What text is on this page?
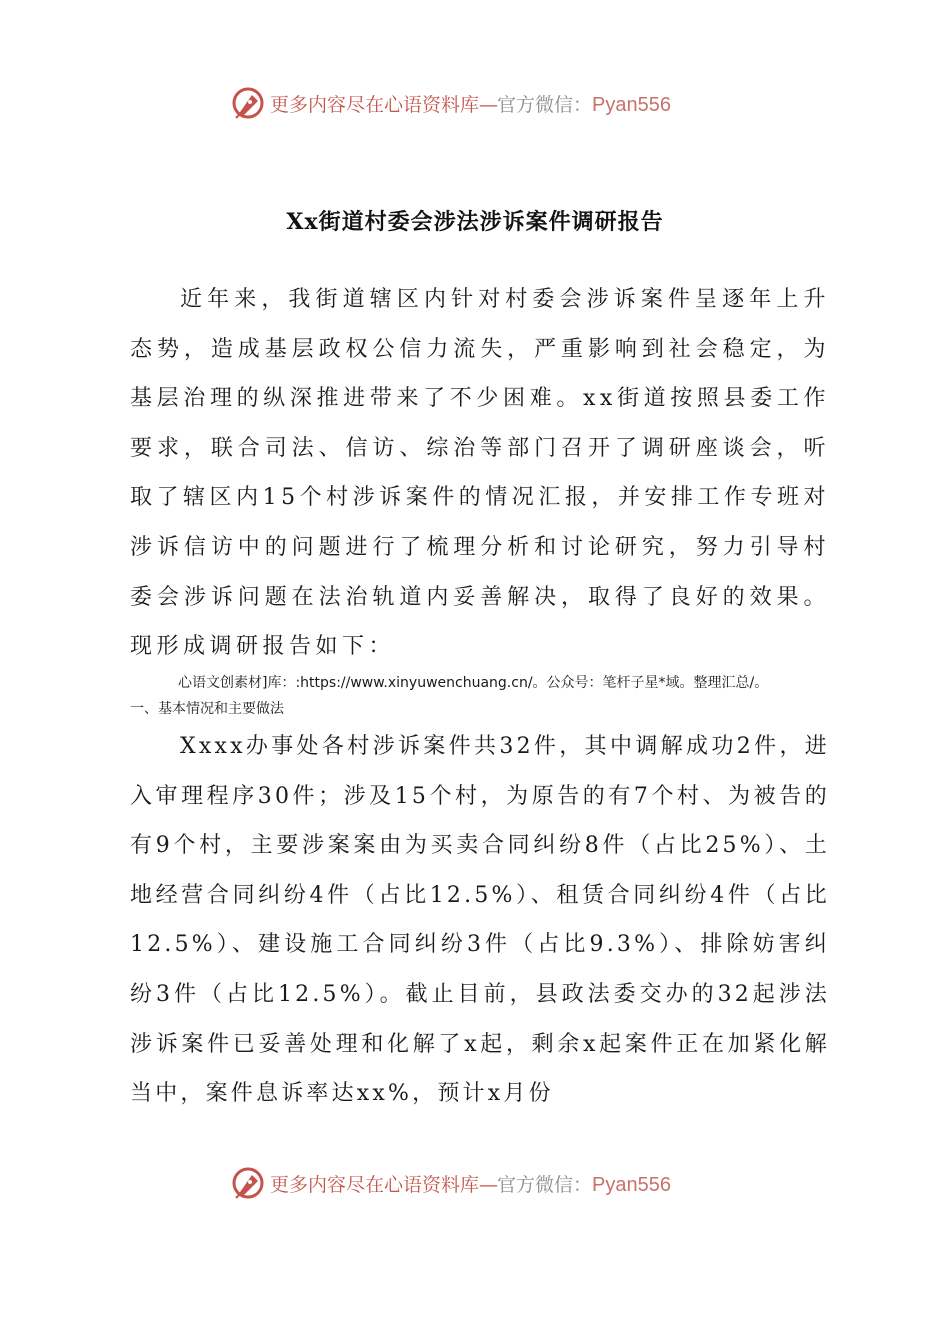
更多内容尽在心语资料库—官方微信：Pyan556
Xx街道村委会涉法涉诉案件调研报告

近年来，我街道辖区内针对村委会涉诉案件呈逐年上升态势，造成基层政权公信力流失，严重影响到社会稳定，为基层治理的纵深推进带来了不少困难。xx街道按照县委工作要求，联合司法、信访、综治等部门召开了调研座谈会，听取了辖区内15个村涉诉案件的情况汇报，并安排工作专班对涉诉信访中的问题进行了梳理分析和讨论研究，努力引导村委会涉诉问题在法治轨道内妥善解决，取得了良好的效果。现形成调研报告如下：

心语文创素材]库：:https://www.xinyuwenchuang.cn/。公众号：笔杆子星*域。整理汇总/。
一、基本情况和主要做法

Xxxx办事处各村涉诉案件共32件，其中调解成功2件，进入审理程序30件；涉及15个村，为原告的有7个村、为被告的有9个村，主要涉案案由为买卖合同纠纷8件（占比25%）、土地经营合同纠纷4件（占比12.5%）、租赁合同纠纷4件（占比12.5%）、建设施工合同纠纷3件（占比9.3%）、排除妨害纠纷3件（占比12.5%）。截止目前，县政法委交办的32起涉法涉诉案件已妥善处理和化解了x起，剩余x起案件正在加紧化解当中，案件息诉率达xx%，预计x月份

更多内容尽在心语资料库—官方微信：Pyan556
